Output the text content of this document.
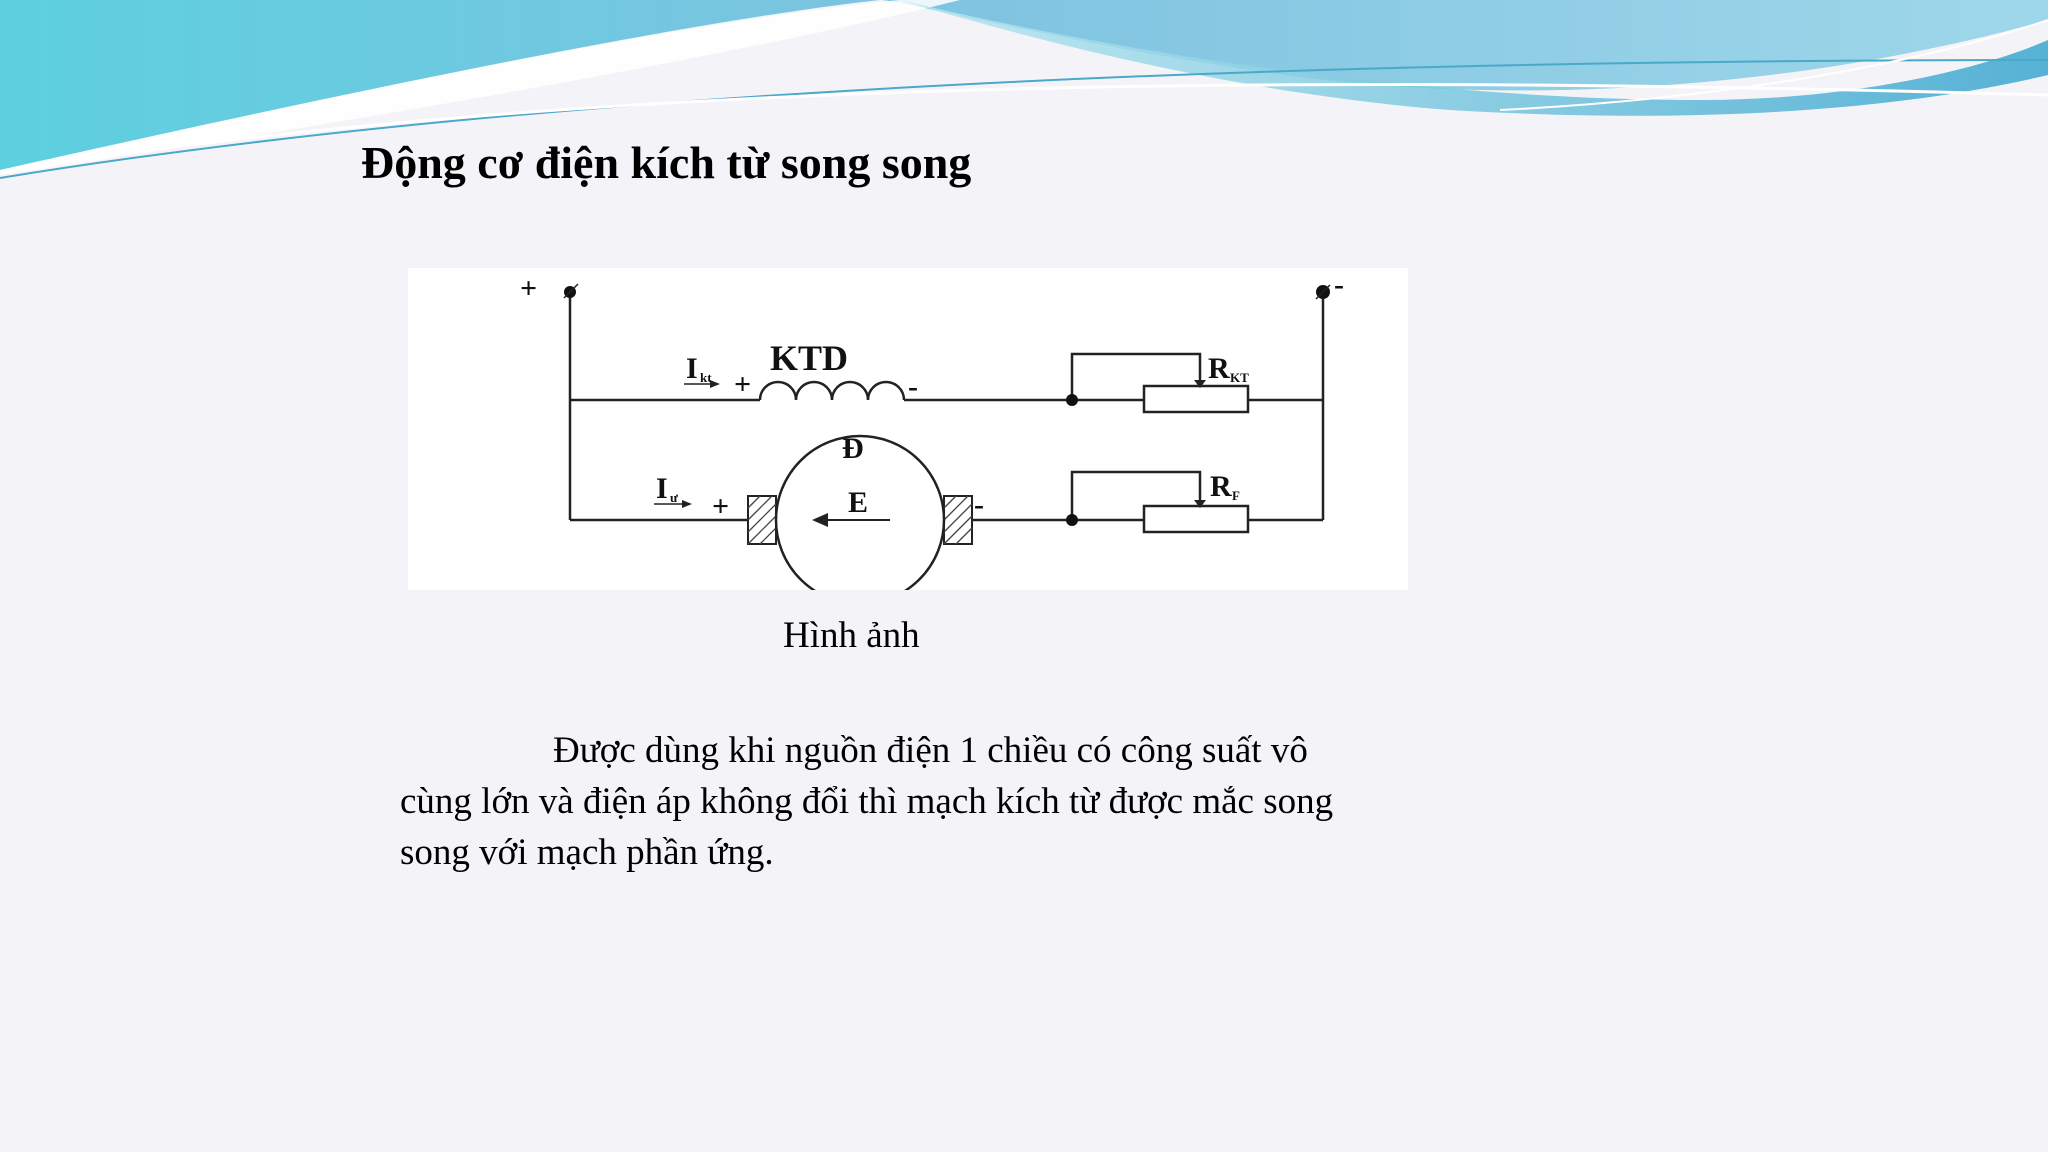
Động cơ điện kích từ song song
+	-
I kt +
KTD
-
R KT
Đ
E
I ư +	-
R F
Hình ảnh
Được dùng khi nguồn điện 1 chiều có công suất vô
cùng lớn và điện áp không đổi thì mạch kích từ được mắc song
song với mạch phần ứng.
